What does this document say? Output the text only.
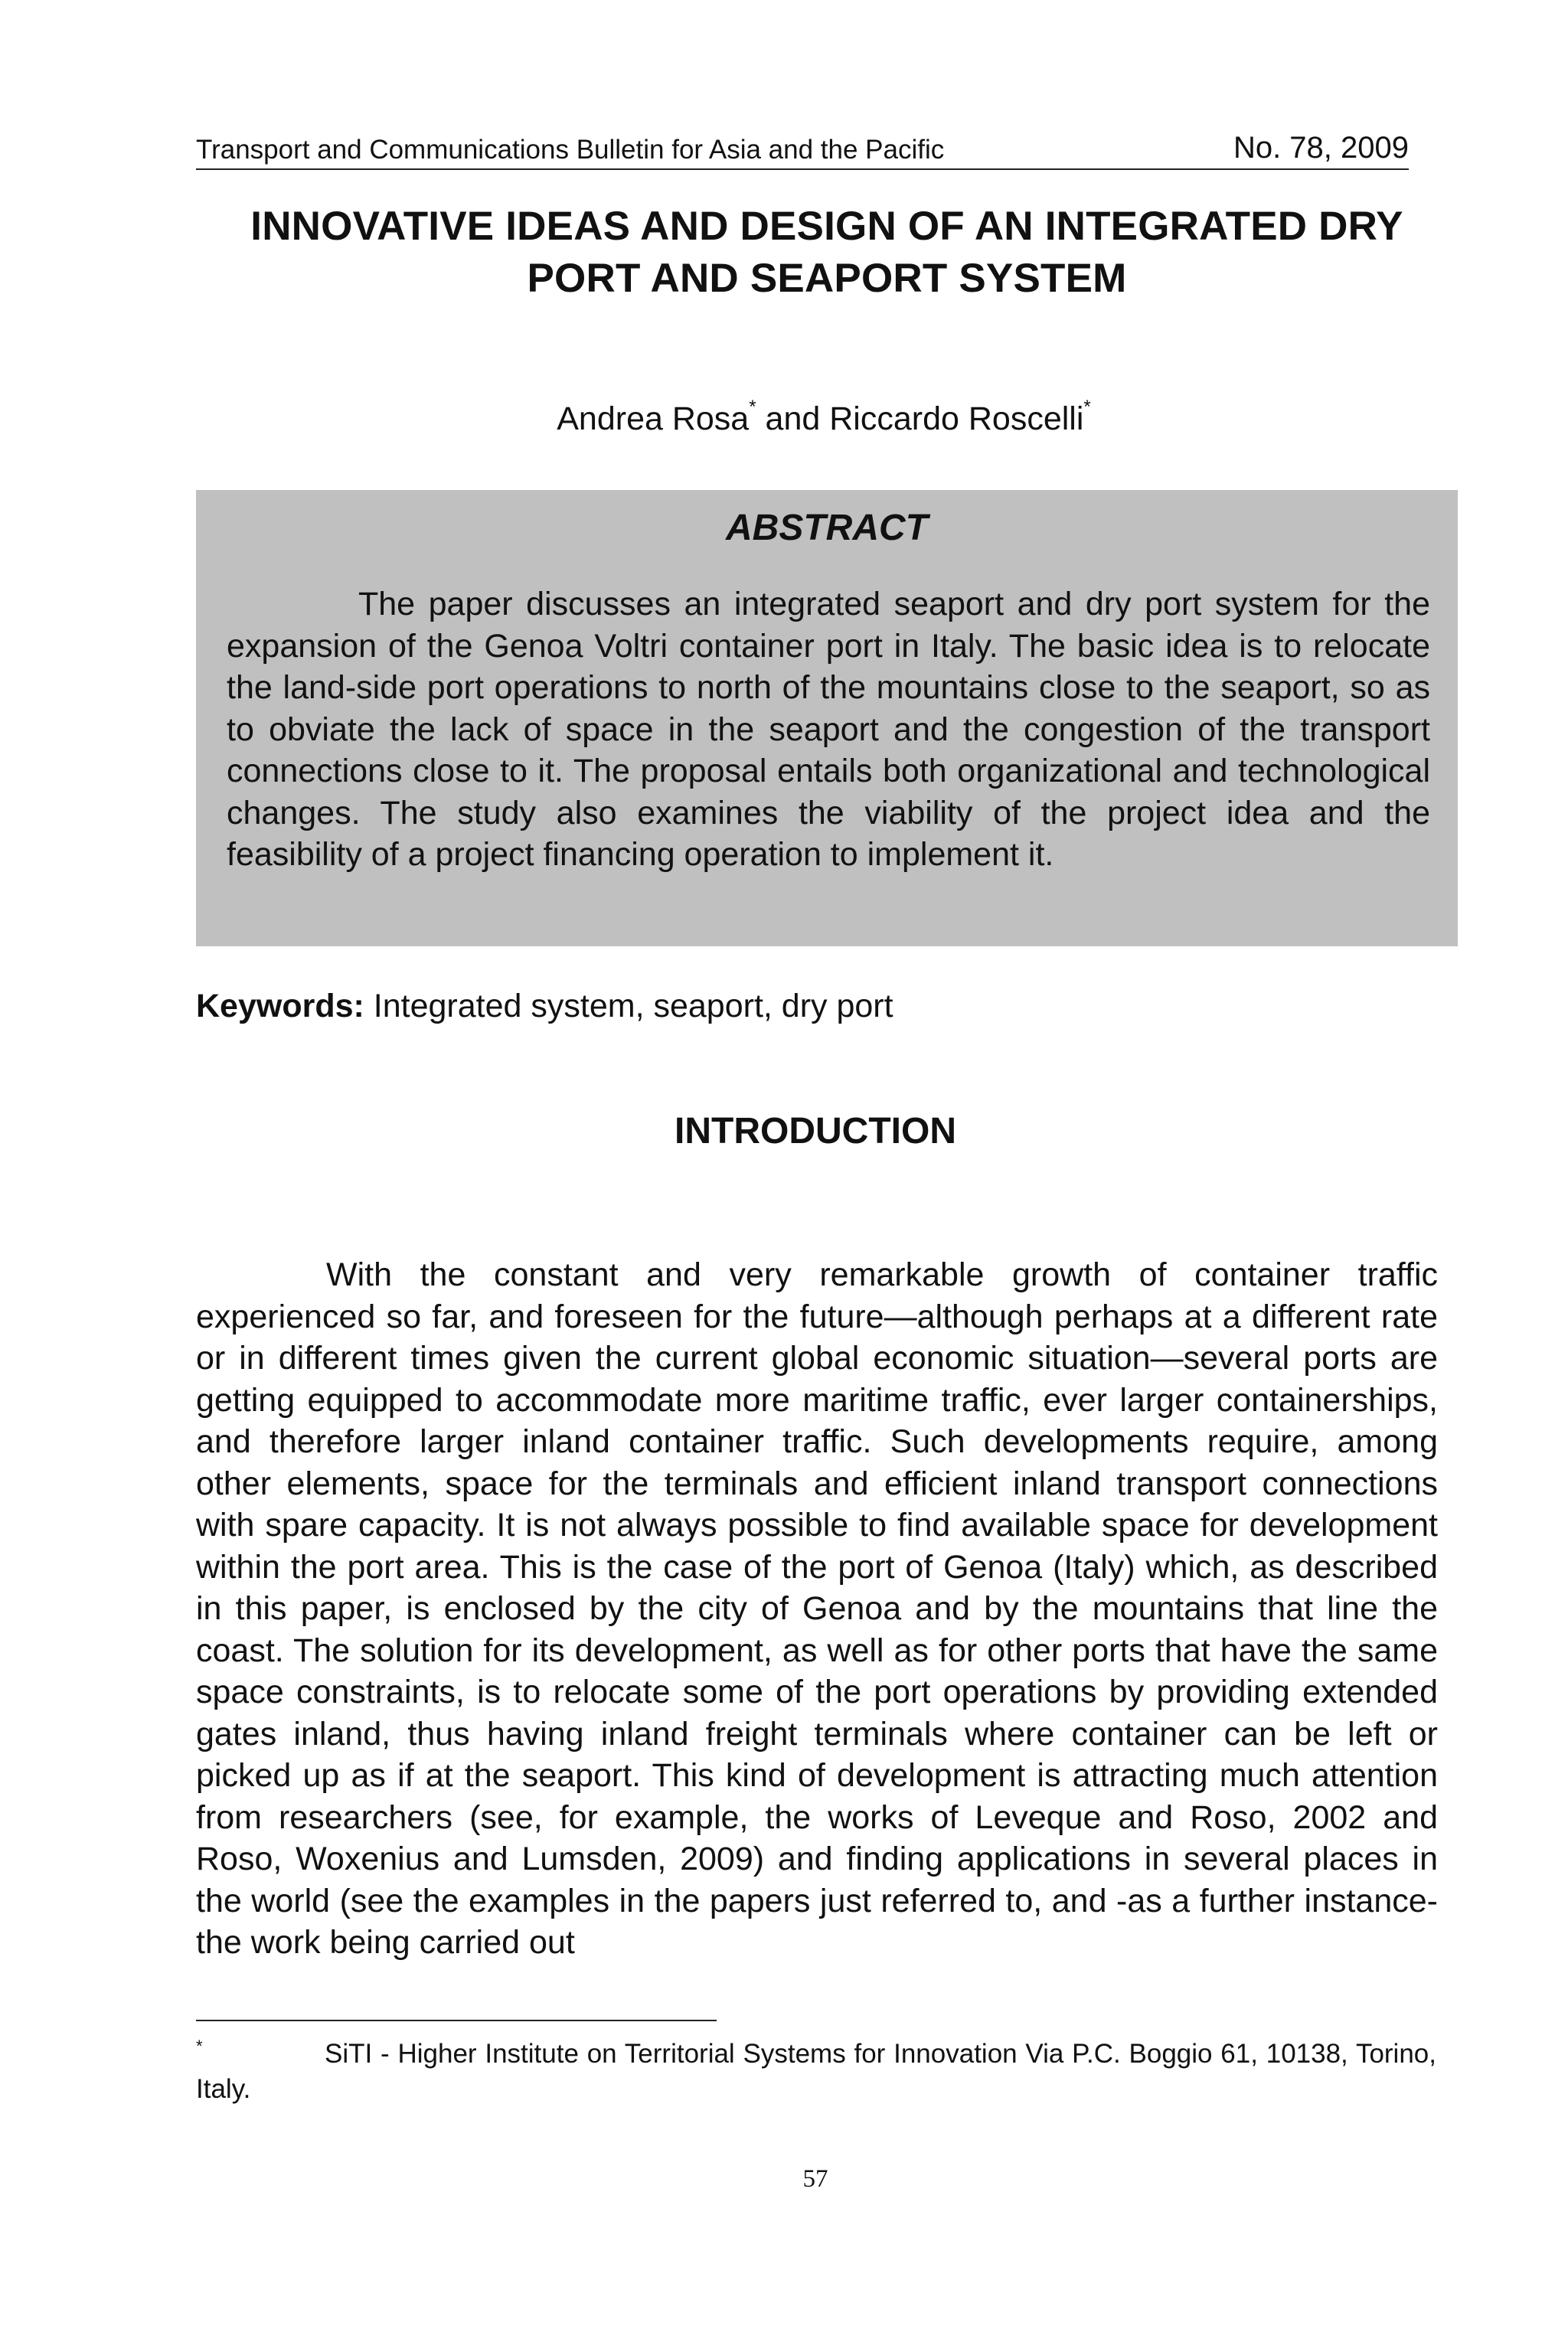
Transport and Communications Bulletin for Asia and the Pacific	No. 78, 2009
INNOVATIVE IDEAS AND DESIGN OF AN INTEGRATED DRY
PORT AND SEAPORT SYSTEM
Andrea Rosa* and Riccardo Roscelli*
ABSTRACT

The paper discusses an integrated seaport and dry port system for the expansion of the Genoa Voltri container port in Italy. The basic idea is to relocate the land-side port operations to north of the mountains close to the seaport, so as to obviate the lack of space in the seaport and the congestion of the transport connections close to it. The proposal entails both organizational and technological changes. The study also examines the viability of the project idea and the feasibility of a project financing operation to implement it.

Keywords: Integrated system, seaport, dry port
INTRODUCTION

With the constant and very remarkable growth of container traffic experienced so far, and foreseen for the future—although perhaps at a different rate or in different times given the current global economic situation—several ports are getting equipped to accommodate more maritime traffic, ever larger containerships, and therefore larger inland container traffic. Such developments require, among other elements, space for the terminals and efficient inland transport connections with spare capacity. It is not always possible to find available space for development within the port area. This is the case of the port of Genoa (Italy) which, as described in this paper, is enclosed by the city of Genoa and by the mountains that line the coast. The solution for its development, as well as for other ports that have the same space constraints, is to relocate some of the port operations by providing extended gates inland, thus having inland freight terminals where container can be left or picked up as if at the seaport. This kind of development is attracting much attention from researchers (see, for example, the works of Leveque and Roso, 2002 and Roso, Woxenius and Lumsden, 2009) and finding applications in several places in the world (see the examples in the papers just referred to, and -as a further instance- the work being carried out

*	SiTI - Higher Institute on Territorial Systems for Innovation Via P.C. Boggio 61, 10138, Torino, Italy.
57
